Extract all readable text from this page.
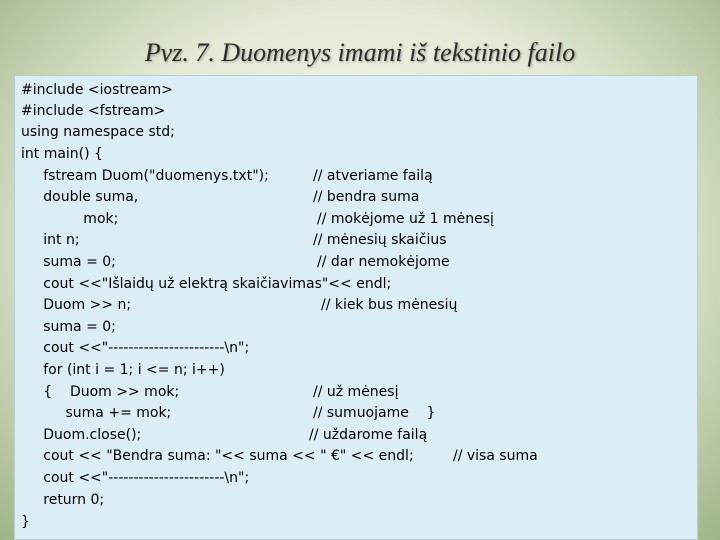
Pvz. 7. Duomenys imami iš tekstinio failo
#include <iostream>
#include <fstream>
using namespace std;
int main() {
fstream Duom("duomenys.txt");	// atveriame failą
double suma,	// bendra suma
mok;	// mokėjome už 1 mėnesį
int n;	// mėnesių skaičius
suma = 0;	// dar nemokėjome
cout <<"Išlaidų už elektrą skaičiavimas"<< endl;
Duom >> n;	// kiek bus mėnesių
suma = 0;
cout <<"-----------------------\n";
for (int i = 1; i <= n; i++)
{    Duom >> mok;	// už mėnesį
suma += mok;	// sumuojame    }
Duom.close();	// uždarome failą
cout << "Bendra suma: "<< suma << " €" << endl;	// visa suma
cout <<"-----------------------\n";
return 0;
}
